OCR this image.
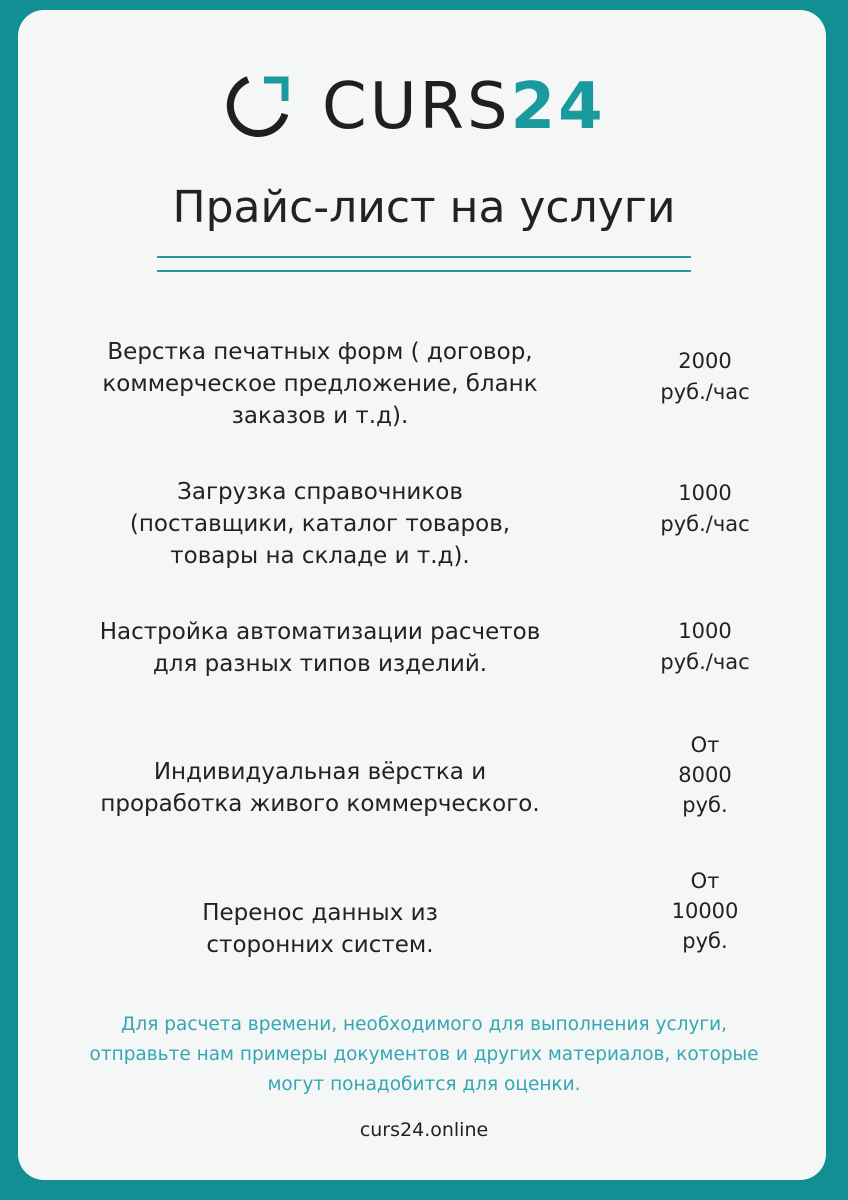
CURS24
Прайс-лист на услуги
Верстка печатных форм ( договор,
коммерческое предложение, бланк
заказов и т.д).
2000
руб./час
Загрузка справочников
(поставщики, каталог товаров,
товары на складе и т.д).
1000
руб./час
Настройка автоматизации расчетов
для разных типов изделий.
1000
руб./час
Индивидуальная вёрстка и
проработка живого коммерческого.
От
8000
руб.
Перенос данных из
сторонних систем.
От
10000
руб.
Для расчета времени, необходимого для выполнения услуги,
отправьте нам примеры документов и других материалов, которые
могут понадобится для оценки.
curs24.online
